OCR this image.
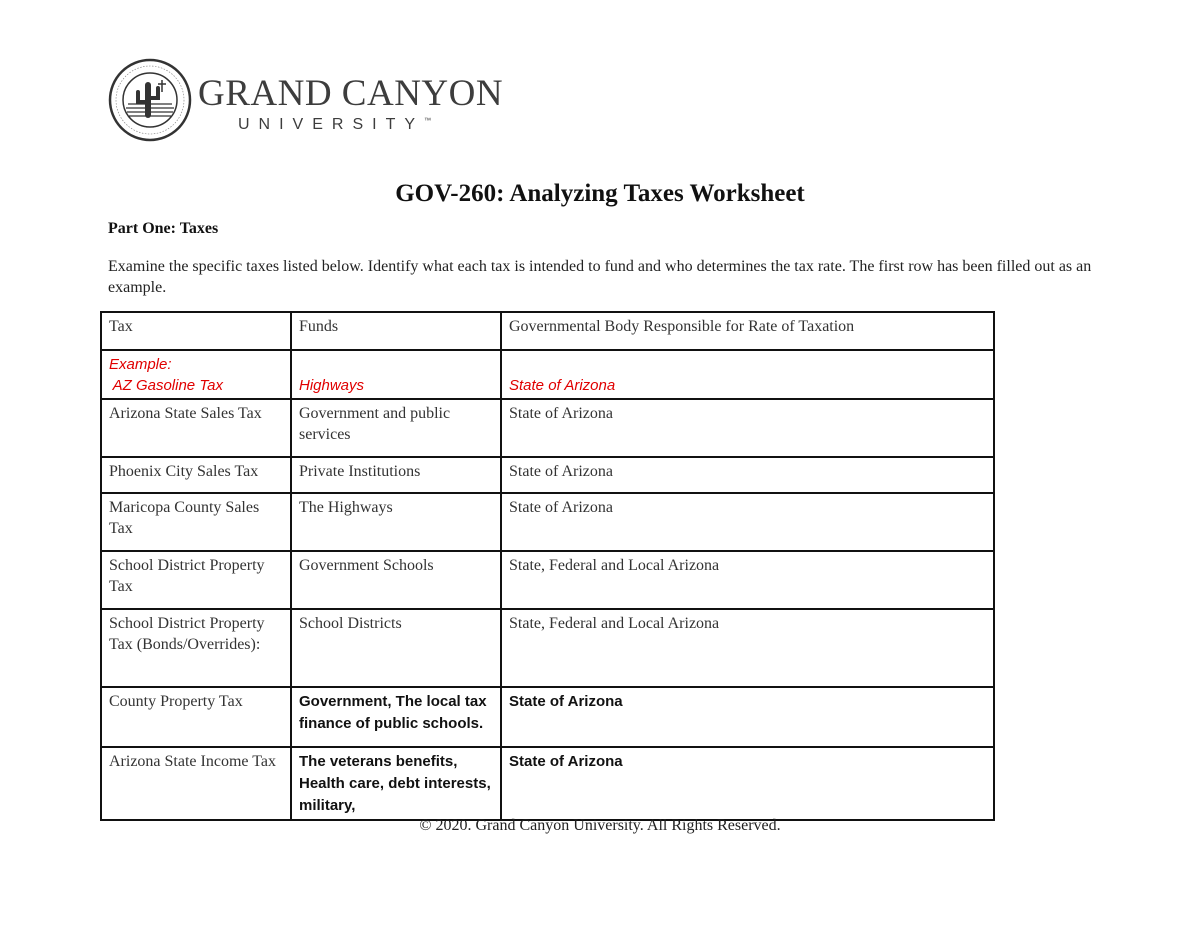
GRAND CANYON
UNIVERSITY™
GOV-260: Analyzing Taxes Worksheet
Part One: Taxes
Examine the specific taxes listed below. Identify what each tax is intended to fund and who determines the tax rate. The first row has been filled out as an example.
Tax	Funds	Governmental Body Responsible for Rate of Taxation

Example:
AZ Gasoline Tax	Highways	State of Arizona

Arizona State Sales Tax	Government and public services	State of Arizona
Phoenix City Sales Tax	Private Institutions	State of Arizona
Maricopa County Sales Tax	The Highways	State of Arizona
School District Property Tax	Government Schools	State, Federal and Local Arizona
School District Property Tax (Bonds/Overrides):	School Districts	State, Federal and Local Arizona
County Property Tax	Government, The local tax finance of public schools.	State of Arizona

Arizona State Income Tax	The veterans benefits, Health care, debt interests, military,	State of Arizona
© 2020. Grand Canyon University. All Rights Reserved.
